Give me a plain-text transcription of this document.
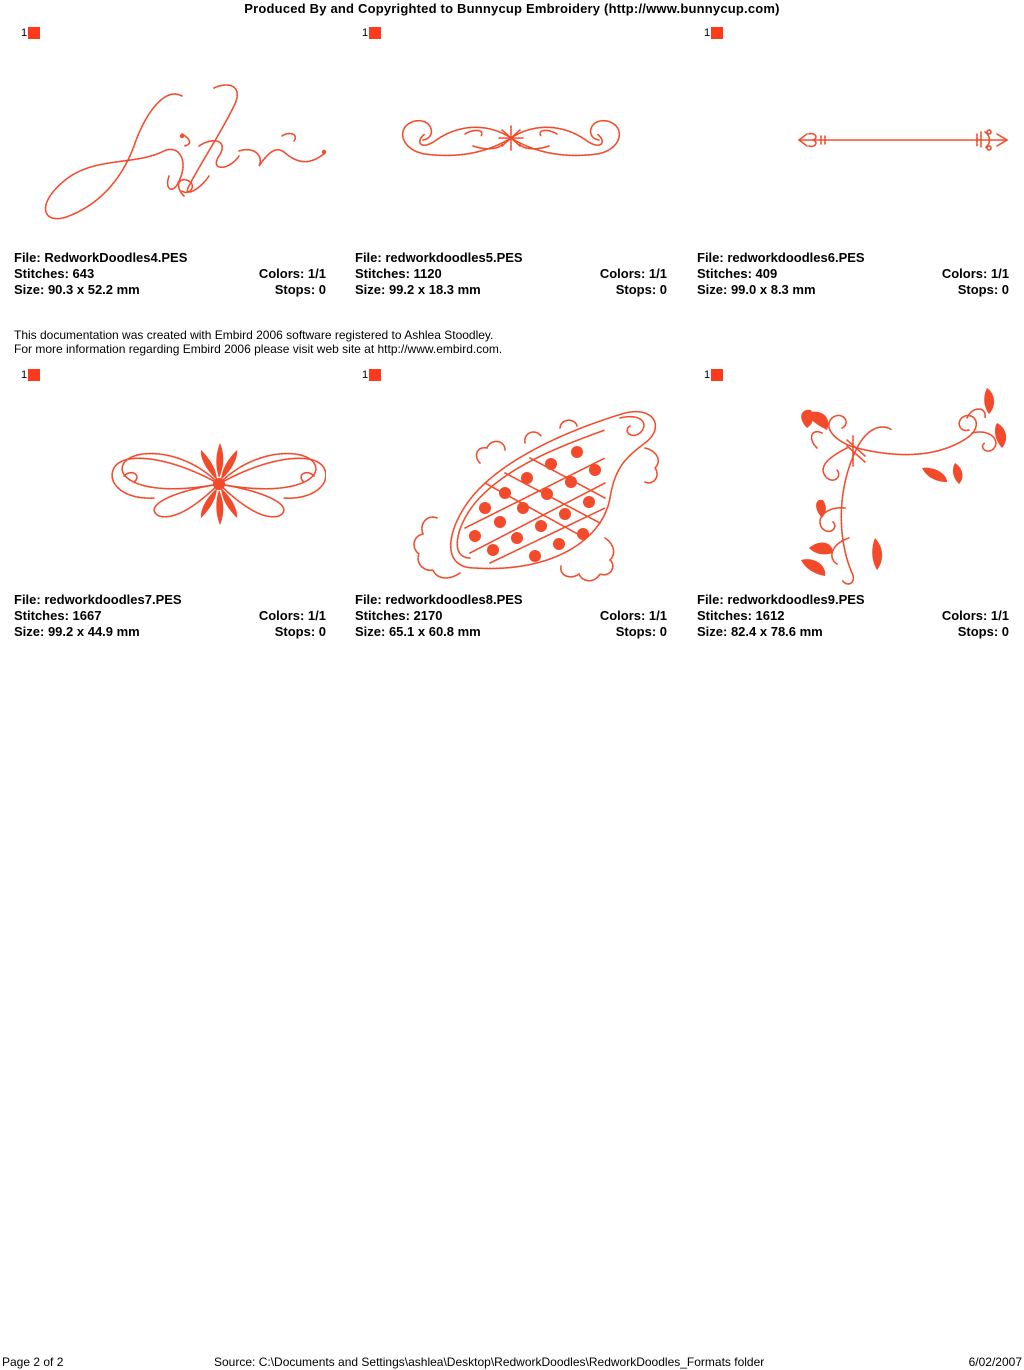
Produced By and Copyrighted to Bunnycup Embroidery (http://www.bunnycup.com)
1
File: RedworkDoodles4.PES
Stitches: 643	Colors: 1/1
Size: 90.3 x 52.2 mm	Stops: 0
1
File: redworkdoodles5.PES
Stitches: 1120	Colors: 1/1
Size: 99.2 x 18.3 mm	Stops: 0
1
File: redworkdoodles6.PES
Stitches: 409	Colors: 1/1
Size: 99.0 x 8.3 mm	Stops: 0
This documentation was created with Embird 2006 software registered to Ashlea Stoodley.
For more information regarding Embird 2006 please visit web site at http://www.embird.com.
1
File: redworkdoodles7.PES
Stitches: 1667	Colors: 1/1
Size: 99.2 x 44.9 mm	Stops: 0
1
File: redworkdoodles8.PES
Stitches: 2170	Colors: 1/1
Size: 65.1 x 60.8 mm	Stops: 0
1
File: redworkdoodles9.PES
Stitches: 1612	Colors: 1/1
Size: 82.4 x 78.6 mm	Stops: 0
Page 2 of 2	Source: C:\Documents and Settings\ashlea\Desktop\RedworkDoodles\RedworkDoodles_Formats folder	6/02/2007
